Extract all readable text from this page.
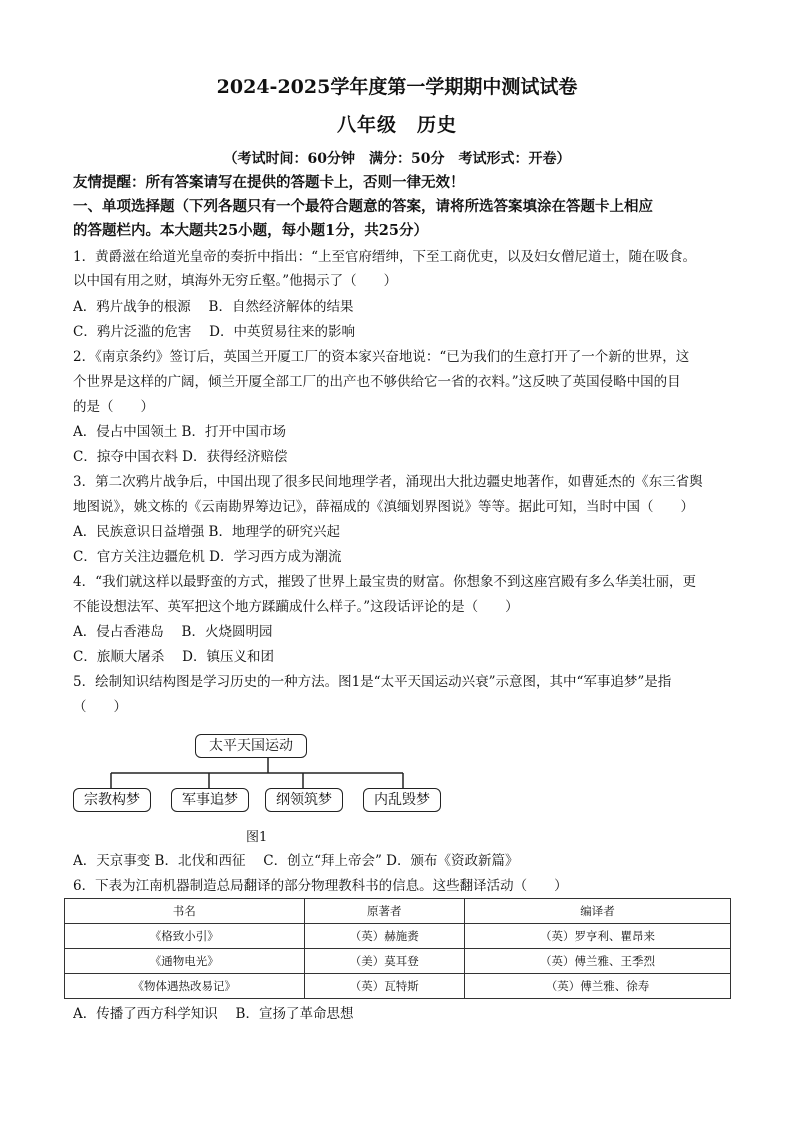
2024-2025学年度第一学期期中测试试卷
八年级　历史
（考试时间：60分钟　满分：50分　考试形式：开卷）
友情提醒：所有答案请写在提供的答题卡上，否则一律无效！
一、单项选择题（下列各题只有一个最符合题意的答案，请将所选答案填涂在答题卡上相应
的答题栏内。本大题共25小题，每小题1分，共25分）
1．黄爵滋在给道光皇帝的奏折中指出：“上至官府缙绅，下至工商优吏，以及妇女僧尼道士，随在吸食。
以中国有用之财，填海外无穷丘壑。”他揭示了（　　）
A．鸦片战争的根源　 B．自然经济解体的结果
C．鸦片泛滥的危害　 D．中英贸易往来的影响
2．《南京条约》签订后，英国兰开厦工厂的资本家兴奋地说：“已为我们的生意打开了一个新的世界，这
个世界是这样的广阔，倾兰开厦全部工厂的出产也不够供给它一省的衣料。”这反映了英国侵略中国的目
的是（　　）
A．侵占中国领土 B．打开中国市场
C．掠夺中国衣料 D．获得经济赔偿
3．第二次鸦片战争后，中国出现了很多民间地理学者，涌现出大批边疆史地著作，如曹延杰的《东三省舆
地图说》，姚文栋的《云南勘界筹边记》，薛福成的《滇缅划界图说》等等。据此可知，当时中国（　　）
A．民族意识日益增强 B．地理学的研究兴起
C．官方关注边疆危机 D．学习西方成为潮流
4．“我们就这样以最野蛮的方式，摧毁了世界上最宝贵的财富。你想象不到这座宫殿有多么华美壮丽，更
不能设想法军、英军把这个地方蹂躏成什么样子。”这段话评论的是（　　）
A．侵占香港岛　 B．火烧圆明园
C．旅顺大屠杀　 D．镇压义和团
5．绘制知识结构图是学习历史的一种方法。图1是“太平天国运动兴衰”示意图，其中“军事追梦”是指
（　　）
太平天国运动
宗教构梦	军事追梦	纲领筑梦	内乱毁梦
图1
A．天京事变 B．北伐和西征　 C．创立“拜上帝会” D．颁布《资政新篇》
6．下表为江南机器制造总局翻译的部分物理教科书的信息。这些翻译活动（　　）
书名	原著者	编译者
《格致小引》	（英）赫施赉	（英）罗亨利、瞿昂来
《通物电光》	（美）莫耳登	（英）傅兰雅、王季烈
《物体遇热改易记》	（英）瓦特斯	（英）傅兰雅、徐寿
A．传播了西方科学知识　 B．宣扬了革命思想
